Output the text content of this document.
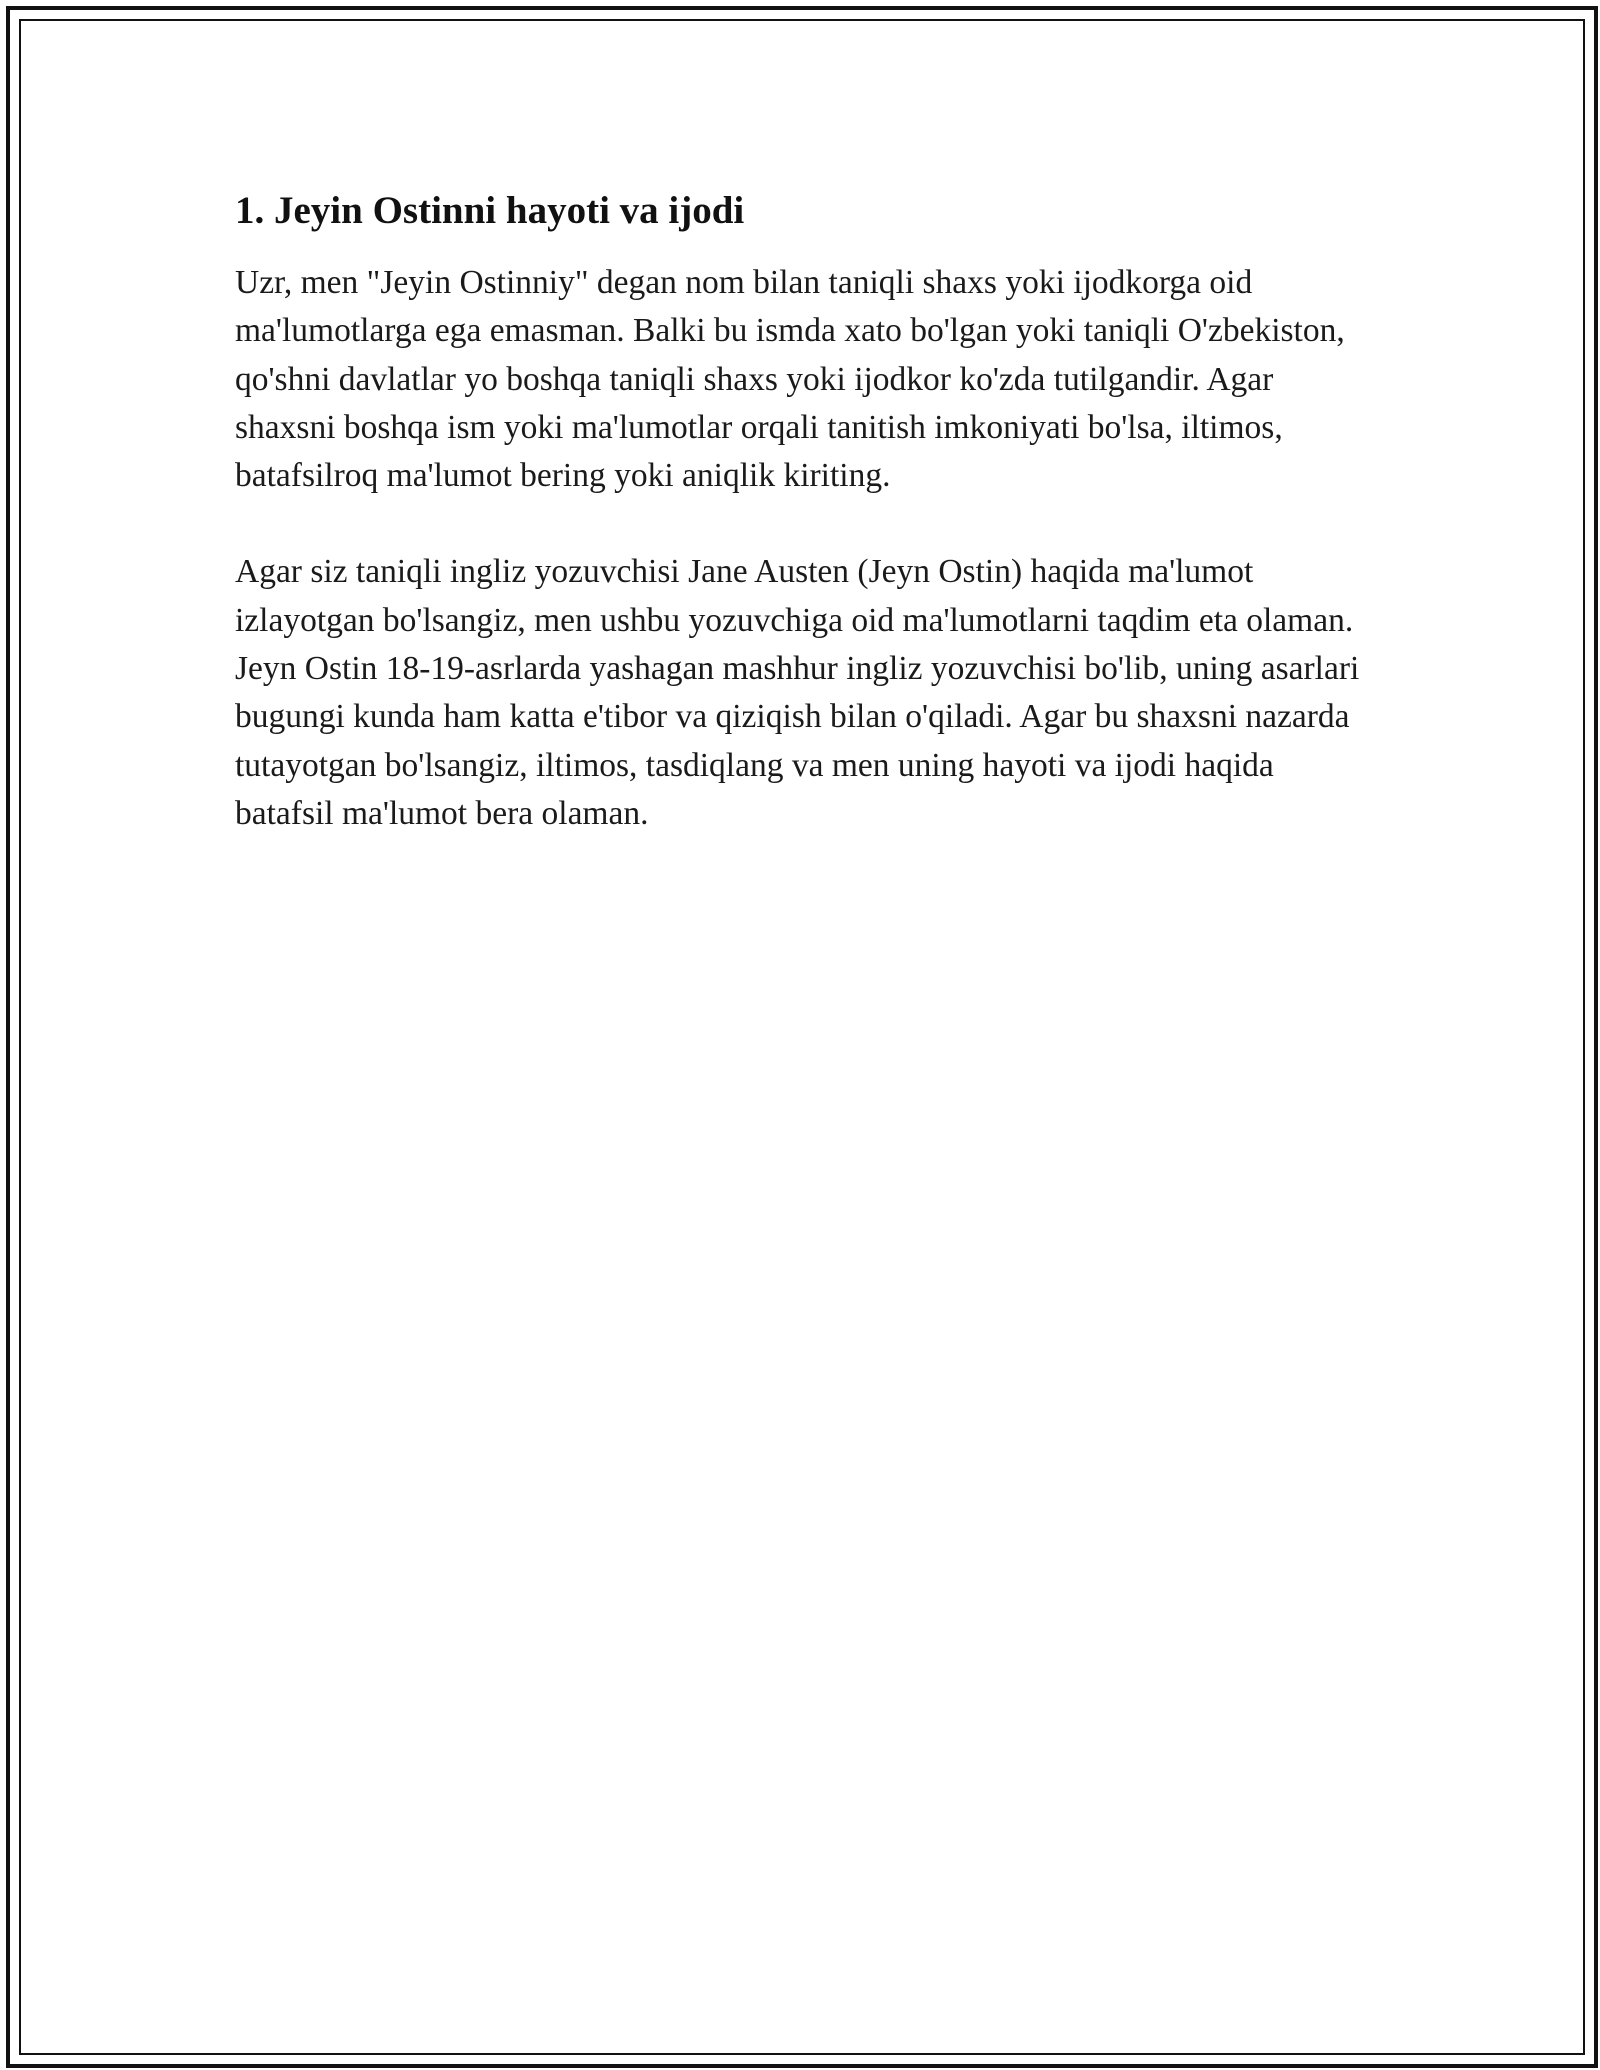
1. Jeyin Ostinni hayoti va ijodi

Uzr, men "Jeyin Ostinniy" degan nom bilan taniqli shaxs yoki ijodkorga oid ma'lumotlarga ega emasman. Balki bu ismda xato bo'lgan yoki taniqli O'zbekiston, qo'shni davlatlar yo boshqa taniqli shaxs yoki ijodkor ko'zda tutilgandir. Agar shaxsni boshqa ism yoki ma'lumotlar orqali tanitish imkoniyati bo'lsa, iltimos, batafsilroq ma'lumot bering yoki aniqlik kiriting.

Agar siz taniqli ingliz yozuvchisi Jane Austen (Jeyn Ostin) haqida ma'lumot izlayotgan bo'lsangiz, men ushbu yozuvchiga oid ma'lumotlarni taqdim eta olaman. Jeyn Ostin 18-19-asrlarda yashagan mashhur ingliz yozuvchisi bo'lib, uning asarlari bugungi kunda ham katta e'tibor va qiziqish bilan o'qiladi. Agar bu shaxsni nazarda tutayotgan bo'lsangiz, iltimos, tasdiqlang va men uning hayoti va ijodi haqida batafsil ma'lumot bera olaman.
